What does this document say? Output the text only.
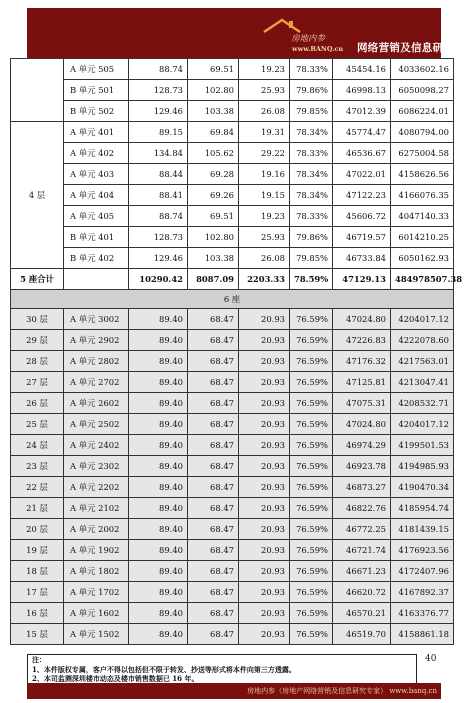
房地内参
www.BANQ.cn 网络营销及信息研究专家
	A 单元 505	88.74	69.51	19.23	78.33%	45454.16	4033602.16
	B 单元 501	128.73	102.80	25.93	79.86%	46998.13	6050098.27
	B 单元 502	129.46	103.38	26.08	79.85%	47012.39	6086224.01
4 层	A 单元 401	89.15	69.84	19.31	78.34%	45774.47	4080794.00
	A 单元 402	134.84	105.62	29.22	78.33%	46536.67	6275004.58
	A 单元 403	88.44	69.28	19.16	78.34%	47022.01	4158626.56
	A 单元 404	88.41	69.26	19.15	78.34%	47122.23	4166076.35
	A 单元 405	88.74	69.51	19.23	78.33%	45606.72	4047140.33
	B 单元 401	128.73	102.80	25.93	79.86%	46719.57	6014210.25
	B 单元 402	129.46	103.38	26.08	79.85%	46733.84	6050162.93
5 座合计		10290.42	8087.09	2203.33	78.59%	47129.13	484978507.38
6 座							
30 层	A 单元 3002	89.40	68.47	20.93	76.59%	47024.80	4204017.12
29 层	A 单元 2902	89.40	68.47	20.93	76.59%	47226.83	4222078.60
28 层	A 单元 2802	89.40	68.47	20.93	76.59%	47176.32	4217563.01
27 层	A 单元 2702	89.40	68.47	20.93	76.59%	47125.81	4213047.41
26 层	A 单元 2602	89.40	68.47	20.93	76.59%	47075.31	4208532.71
25 层	A 单元 2502	89.40	68.47	20.93	76.59%	47024.80	4204017.12
24 层	A 单元 2402	89.40	68.47	20.93	76.59%	46974.29	4199501.53
23 层	A 单元 2302	89.40	68.47	20.93	76.59%	46923.78	4194985.93
22 层	A 单元 2202	89.40	68.47	20.93	76.59%	46873.27	4190470.34
21 层	A 单元 2102	89.40	68.47	20.93	76.59%	46822.76	4185954.74
20 层	A 单元 2002	89.40	68.47	20.93	76.59%	46772.25	4181439.15
19 层	A 单元 1902	89.40	68.47	20.93	76.59%	46721.74	4176923.56
18 层	A 单元 1802	89.40	68.47	20.93	76.59%	46671.23	4172407.96
17 层	A 单元 1702	89.40	68.47	20.93	76.59%	46620.72	4167892.37
16 层	A 单元 1602	89.40	68.47	20.93	76.59%	46570.21	4163376.77
15 层	A 单元 1502	89.40	68.47	20.93	76.59%	46519.70	4158861.18
注：
1、本件版权专属，客户不得以包括但不限于转发、抄送等形式将本件向第三方透露。
2、本司监测深圳楼市动态及楼市销售数据已 16 年。
40
房地内参（房地产网络营销及信息研究专家） www.banq.cn
